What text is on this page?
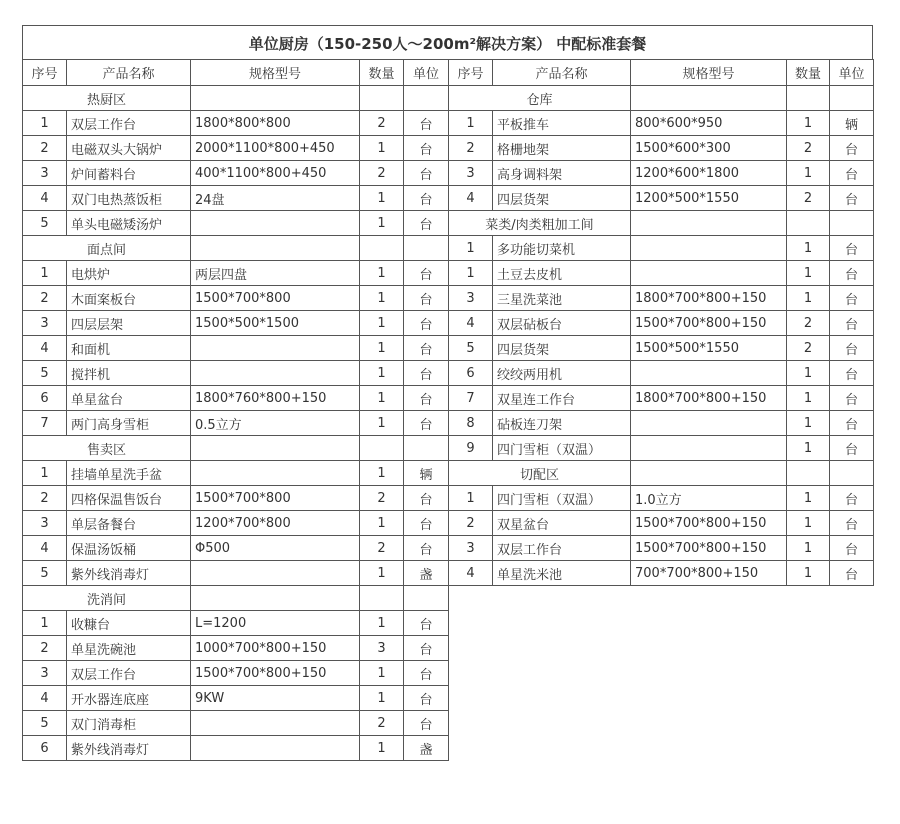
单位厨房（150-250人～200m²解决方案） 中配标准套餐
序号	产品名称	规格型号	数量	单位
热厨区				
1	双层工作台	1800*800*800	2	台
2	电磁双头大锅炉	2000*1100*800+450	1	台
3	炉间蓄料台	400*1100*800+450	2	台
4	双门电热蒸饭柜	24盘	1	台
5	单头电磁矮汤炉		1	台
面点间				
1	电烘炉	两层四盘	1	台
2	木面案板台	1500*700*800	1	台
3	四层层架	1500*500*1500	1	台
4	和面机		1	台
5	搅拌机		1	台
6	单星盆台	1800*760*800+150	1	台
7	两门高身雪柜	0.5立方	1	台
售卖区				
1	挂墙单星洗手盆		1	辆
2	四格保温售饭台	1500*700*800	2	台
3	单层备餐台	1200*700*800	1	台
4	保温汤饭桶	Φ500	2	台
5	紫外线消毒灯		1	盏
洗消间				
1	收糠台	L=1200	1	台
2	单星洗碗池	1000*700*800+150	3	台
3	双层工作台	1500*700*800+150	1	台
4	开水器连底座	9KW	1	台
5	双门消毒柜		2	台
6	紫外线消毒灯		1	盏
序号	产品名称	规格型号	数量	单位
仓库				
1	平板推车	800*600*950	1	辆
2	格栅地架	1500*600*300	2	台
3	高身调料架	1200*600*1800	1	台
4	四层货架	1200*500*1550	2	台
菜类/肉类粗加工间				
1	多功能切菜机		1	台
1	土豆去皮机		1	台
3	三星洗菜池	1800*700*800+150	1	台
4	双层砧板台	1500*700*800+150	2	台
5	四层货架	1500*500*1550	2	台
6	绞绞两用机		1	台
7	双星连工作台	1800*700*800+150	1	台
8	砧板连刀架		1	台
9	四门雪柜（双温）		1	台
切配区				
1	四门雪柜（双温）	1.0立方	1	台
2	双星盆台	1500*700*800+150	1	台
3	双层工作台	1500*700*800+150	1	台
4	单星洗米池	700*700*800+150	1	台
